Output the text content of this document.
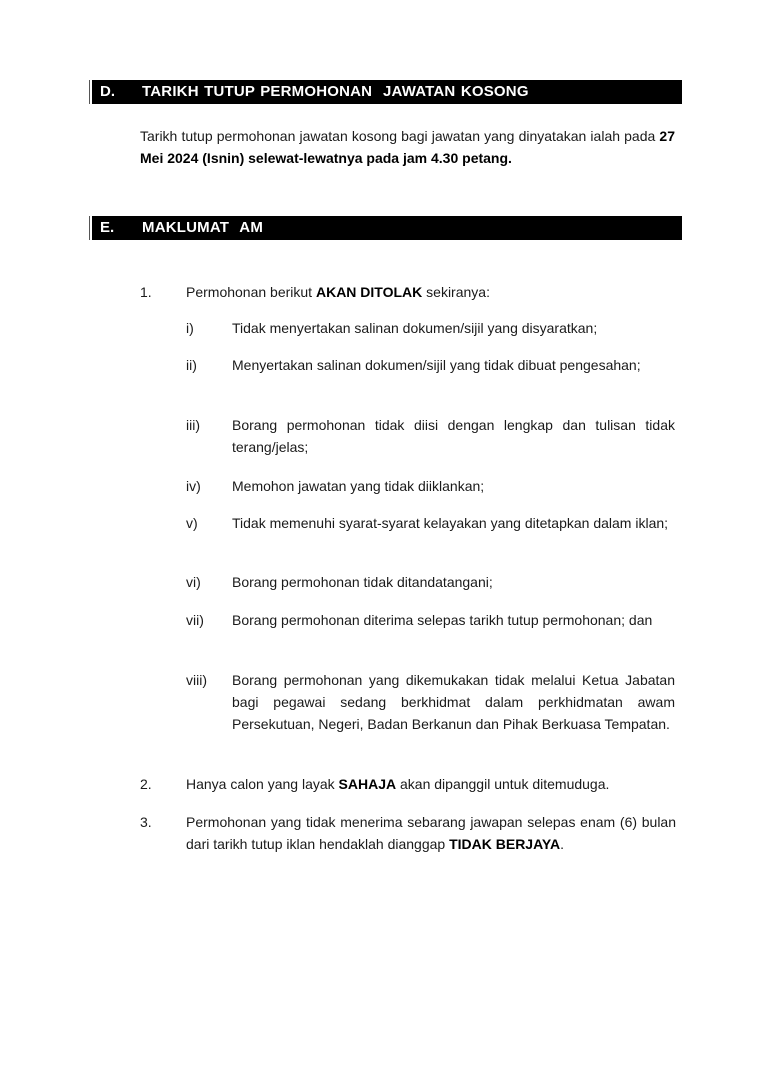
D. TARIKH TUTUP PERMOHONAN  JAWATAN KOSONG
Tarikh tutup permohonan jawatan kosong bagi jawatan yang dinyatakan ialah pada 27 Mei 2024 (Isnin) selewat-lewatnya pada jam 4.30 petang.
E. MAKLUMAT  AM
1. Permohonan berikut AKAN DITOLAK sekiranya:
i)	Tidak menyertakan salinan dokumen/sijil yang disyaratkan;
ii)	Menyertakan salinan dokumen/sijil yang tidak dibuat pengesahan;
iii) Borang permohonan tidak diisi dengan lengkap dan tulisan tidak terang/jelas;
iv) Memohon jawatan yang tidak diiklankan;
v) Tidak memenuhi syarat-syarat kelayakan yang ditetapkan dalam iklan;
vi) Borang permohonan tidak ditandatangani;
vii) Borang permohonan diterima selepas tarikh tutup permohonan; dan
viii) Borang permohonan yang dikemukakan tidak melalui Ketua Jabatan bagi pegawai sedang berkhidmat dalam perkhidmatan awam Persekutuan, Negeri, Badan Berkanun dan Pihak Berkuasa Tempatan.
2. Hanya calon yang layak SAHAJA akan dipanggil untuk ditemuduga.
3. Permohonan yang tidak menerima sebarang jawapan selepas enam (6) bulan dari tarikh tutup iklan hendaklah dianggap TIDAK BERJAYA.
